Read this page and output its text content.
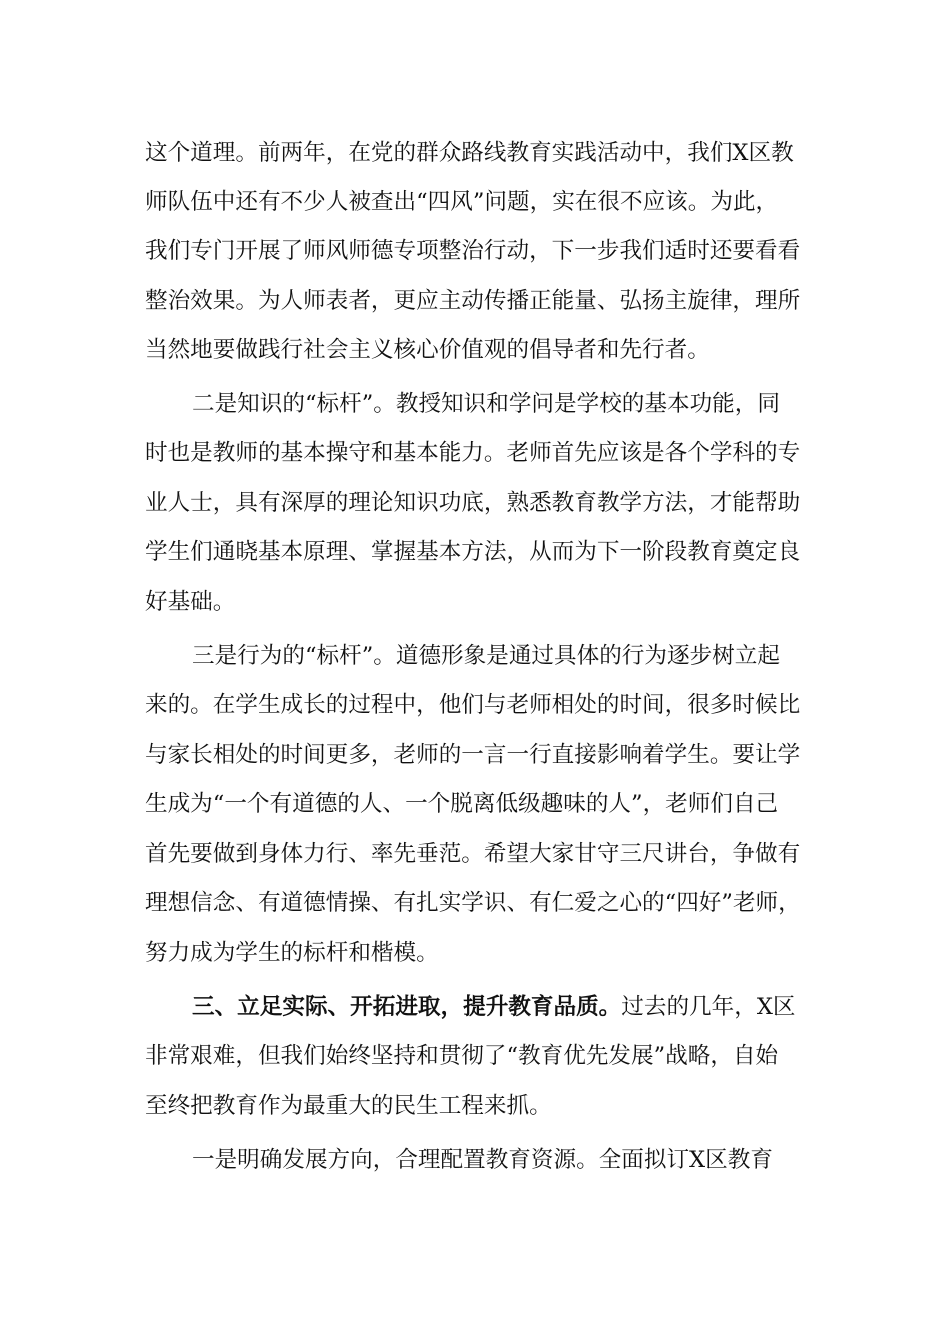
这个道理。前两年，在党的群众路线教育实践活动中，我们X区教
师队伍中还有不少人被查出“四风”问题，实在很不应该。为此，
我们专门开展了师风师德专项整治行动，下一步我们适时还要看看
整治效果。为人师表者，更应主动传播正能量、弘扬主旋律，理所
当然地要做践行社会主义核心价值观的倡导者和先行者。
二是知识的“标杆”。教授知识和学问是学校的基本功能，同
时也是教师的基本操守和基本能力。老师首先应该是各个学科的专
业人士，具有深厚的理论知识功底，熟悉教育教学方法，才能帮助
学生们通晓基本原理、掌握基本方法，从而为下一阶段教育奠定良
好基础。
三是行为的“标杆”。道德形象是通过具体的行为逐步树立起
来的。在学生成长的过程中，他们与老师相处的时间，很多时候比
与家长相处的时间更多，老师的一言一行直接影响着学生。要让学
生成为“一个有道德的人、一个脱离低级趣味的人”，老师们自己
首先要做到身体力行、率先垂范。希望大家甘守三尺讲台，争做有
理想信念、有道德情操、有扎实学识、有仁爱之心的“四好”老师，
努力成为学生的标杆和楷模。
三、立足实际、开拓进取，提升教育品质。过去的几年，X区
非常艰难，但我们始终坚持和贯彻了“教育优先发展”战略，自始
至终把教育作为最重大的民生工程来抓。
一是明确发展方向，合理配置教育资源。全面拟订X区教育
